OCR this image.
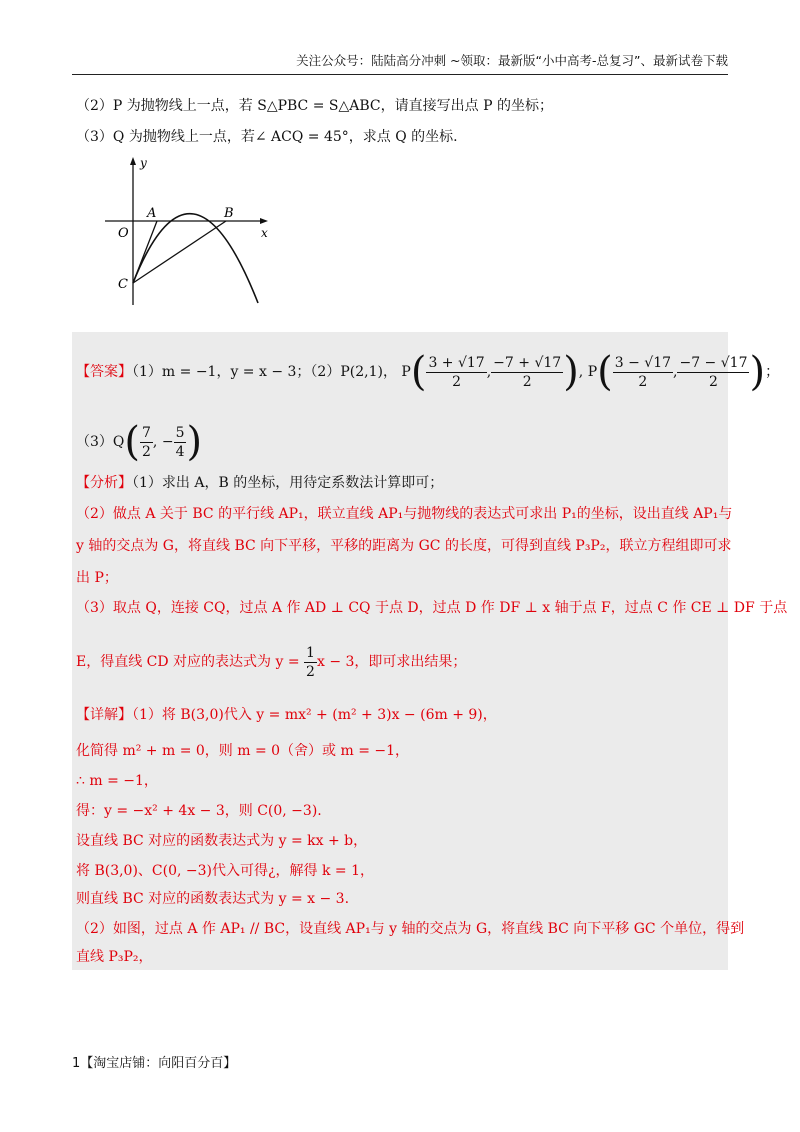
关注公众号：陆陆高分冲刺 ~领取：最新版“小中高考-总复习”、最新试卷下载
（2）P 为抛物线上一点，若 S△PBC = S△ABC，请直接写出点 P 的坐标；
（3）Q 为抛物线上一点，若∠ ACQ = 45°，求点 Q 的坐标.
y
x
O
A	B
C
【答案】（1）m = −1，y = x − 3；（2）P(2,1)， $P( \frac{3 + √17}{2}$ , $\frac{-7 + √17}{2}$ ), $P( \frac{3 - √17}{2}$ , $\frac{-7 - √17}{2}$ )；
$(3)Q( \frac{7}{2}$ , − $\frac{5}{4}$ )
【分析】（1）求出 A，B 的坐标，用待定系数法计算即可；
（2）做点 A 关于 BC 的平行线 AP₁，联立直线 AP₁与抛物线的表达式可求出 P₁的坐标，设出直线 AP₁与
y 轴的交点为 G，将直线 BC 向下平移，平移的距离为 GC 的长度，可得到直线 P₃P₂，联立方程组即可求
出 P；
（3）取点 Q，连接 CQ，过点 A 作 AD ⊥ CQ 于点 D，过点 D 作 DF ⊥ x 轴于点 F，过点 C 作 CE ⊥ DF 于点
E，得直线 CD 对应的表达式为 $y = \frac{1}{2}$ x − 3，即可求出结果；
【详解】（1）将 B(3,0)代入 y = mx² + (m² + 3)x − (6m + 9)，
化简得 m² + m = 0，则 m = 0（舍）或 m = −1，
∴ m = −1，
得：y = −x² + 4x − 3，则 C(0, −3).
设直线 BC 对应的函数表达式为 y = kx + b，
将 B(3,0)、C(0, −3)代入可得¿，解得 k = 1，
则直线 BC 对应的函数表达式为 y = x − 3.
（2）如图，过点 A 作 AP₁ // BC，设直线 AP₁与 y 轴的交点为 G，将直线 BC 向下平移 GC 个单位，得到
直线 P₃P₂，
1【淘宝店铺：向阳百分百】
